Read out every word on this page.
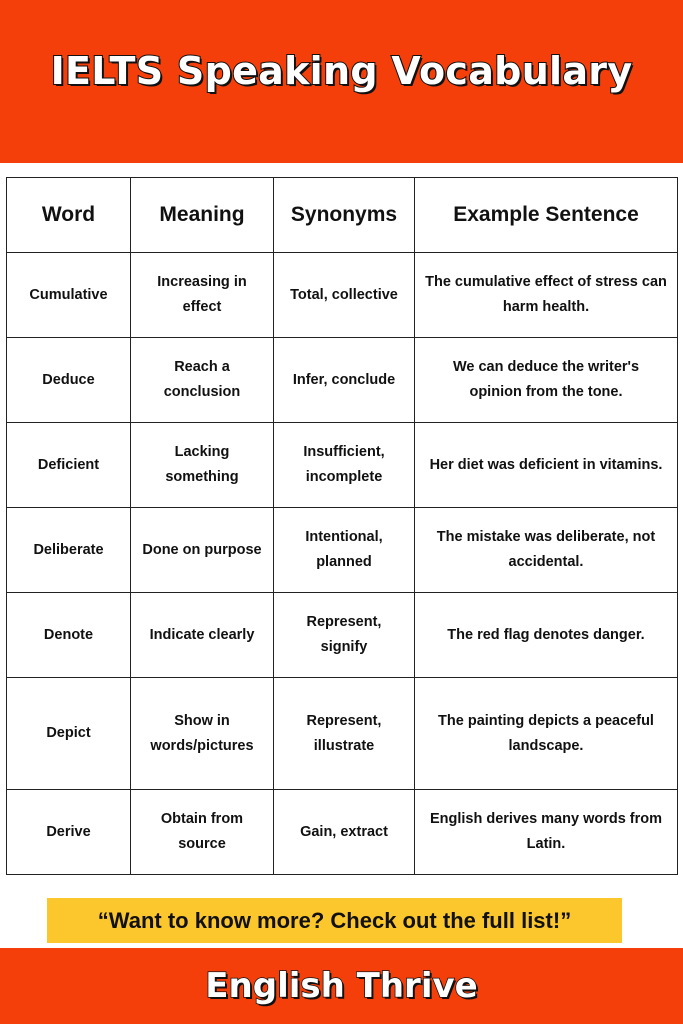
IELTS Speaking Vocabulary
Word	Meaning	Synonyms	Example Sentence
Cumulative	Increasing in effect	Total, collective	The cumulative effect of stress can harm health.
Deduce	Reach a conclusion	Infer, conclude	We can deduce the writer's opinion from the tone.
Deficient	Lacking something	Insufficient, incomplete	Her diet was deficient in vitamins.
Deliberate	Done on purpose	Intentional, planned	The mistake was deliberate, not accidental.
Denote	Indicate clearly	Represent, signify	The red flag denotes danger.
Depict	Show in words/pictures	Represent, illustrate	The painting depicts a peaceful landscape.
Derive	Obtain from source	Gain, extract	English derives many words from Latin.
“Want to know more? Check out the full list!”
English Thrive
